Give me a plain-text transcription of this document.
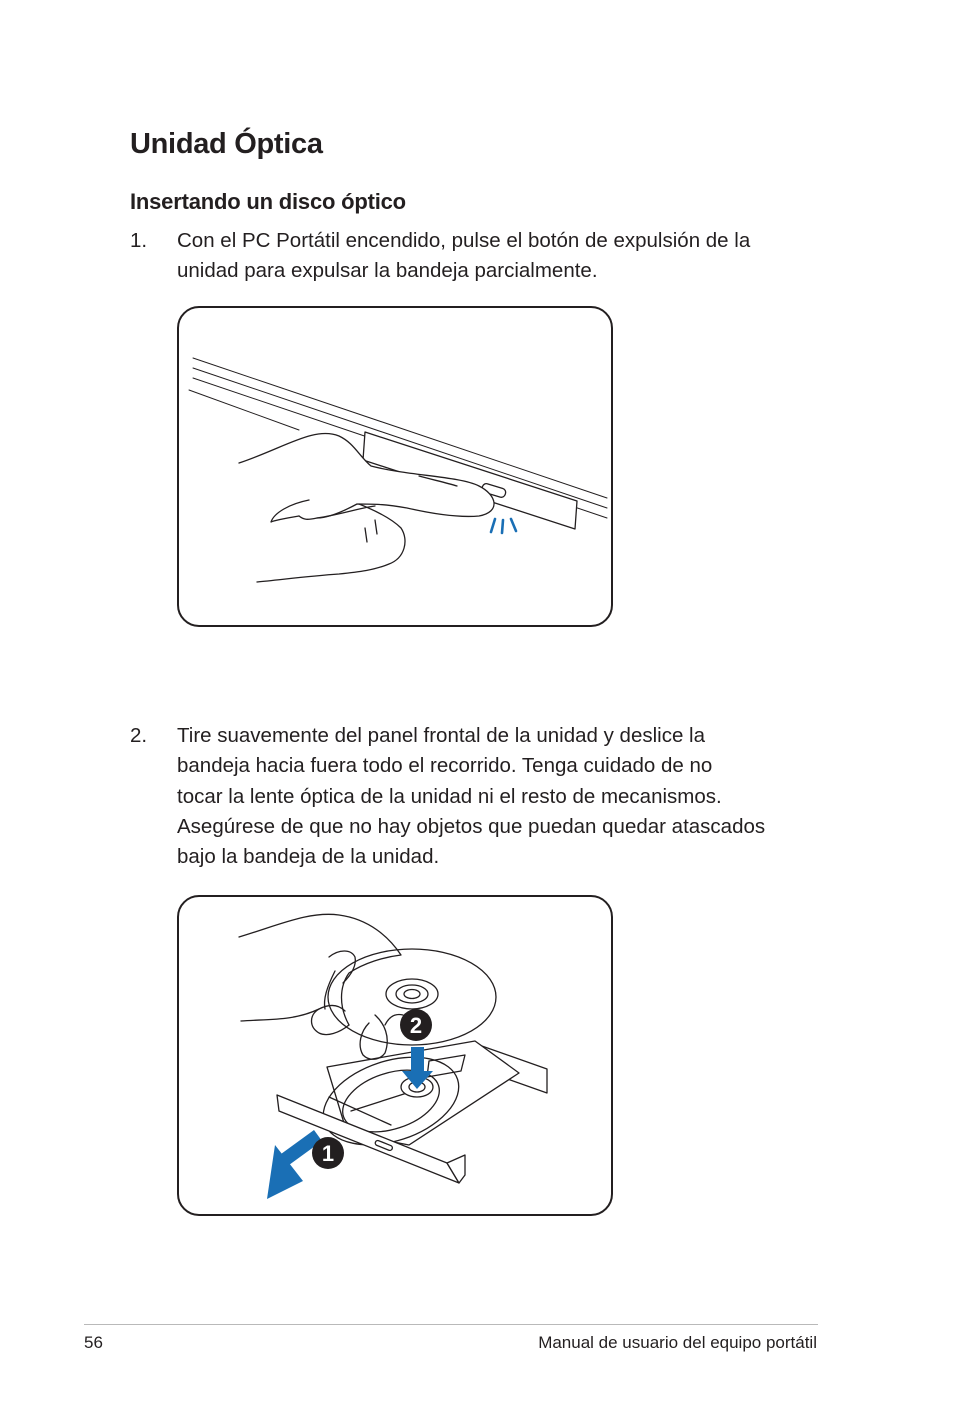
Unidad Óptica
Insertando un disco óptico
1. Con el PC Portátil encendido, pulse el botón de expulsión de la
unidad para expulsar la bandeja parcialmente.
2. Tire suavemente del panel frontal de la unidad y deslice la
bandeja hacia fuera todo el recorrido. Tenga cuidado de no
tocar la lente óptica de la unidad ni el resto de mecanismos.
Asegúrese de que no hay objetos que puedan quedar atascados
bajo la bandeja de la unidad.
2
1
56	Manual de usuario del equipo portátil
